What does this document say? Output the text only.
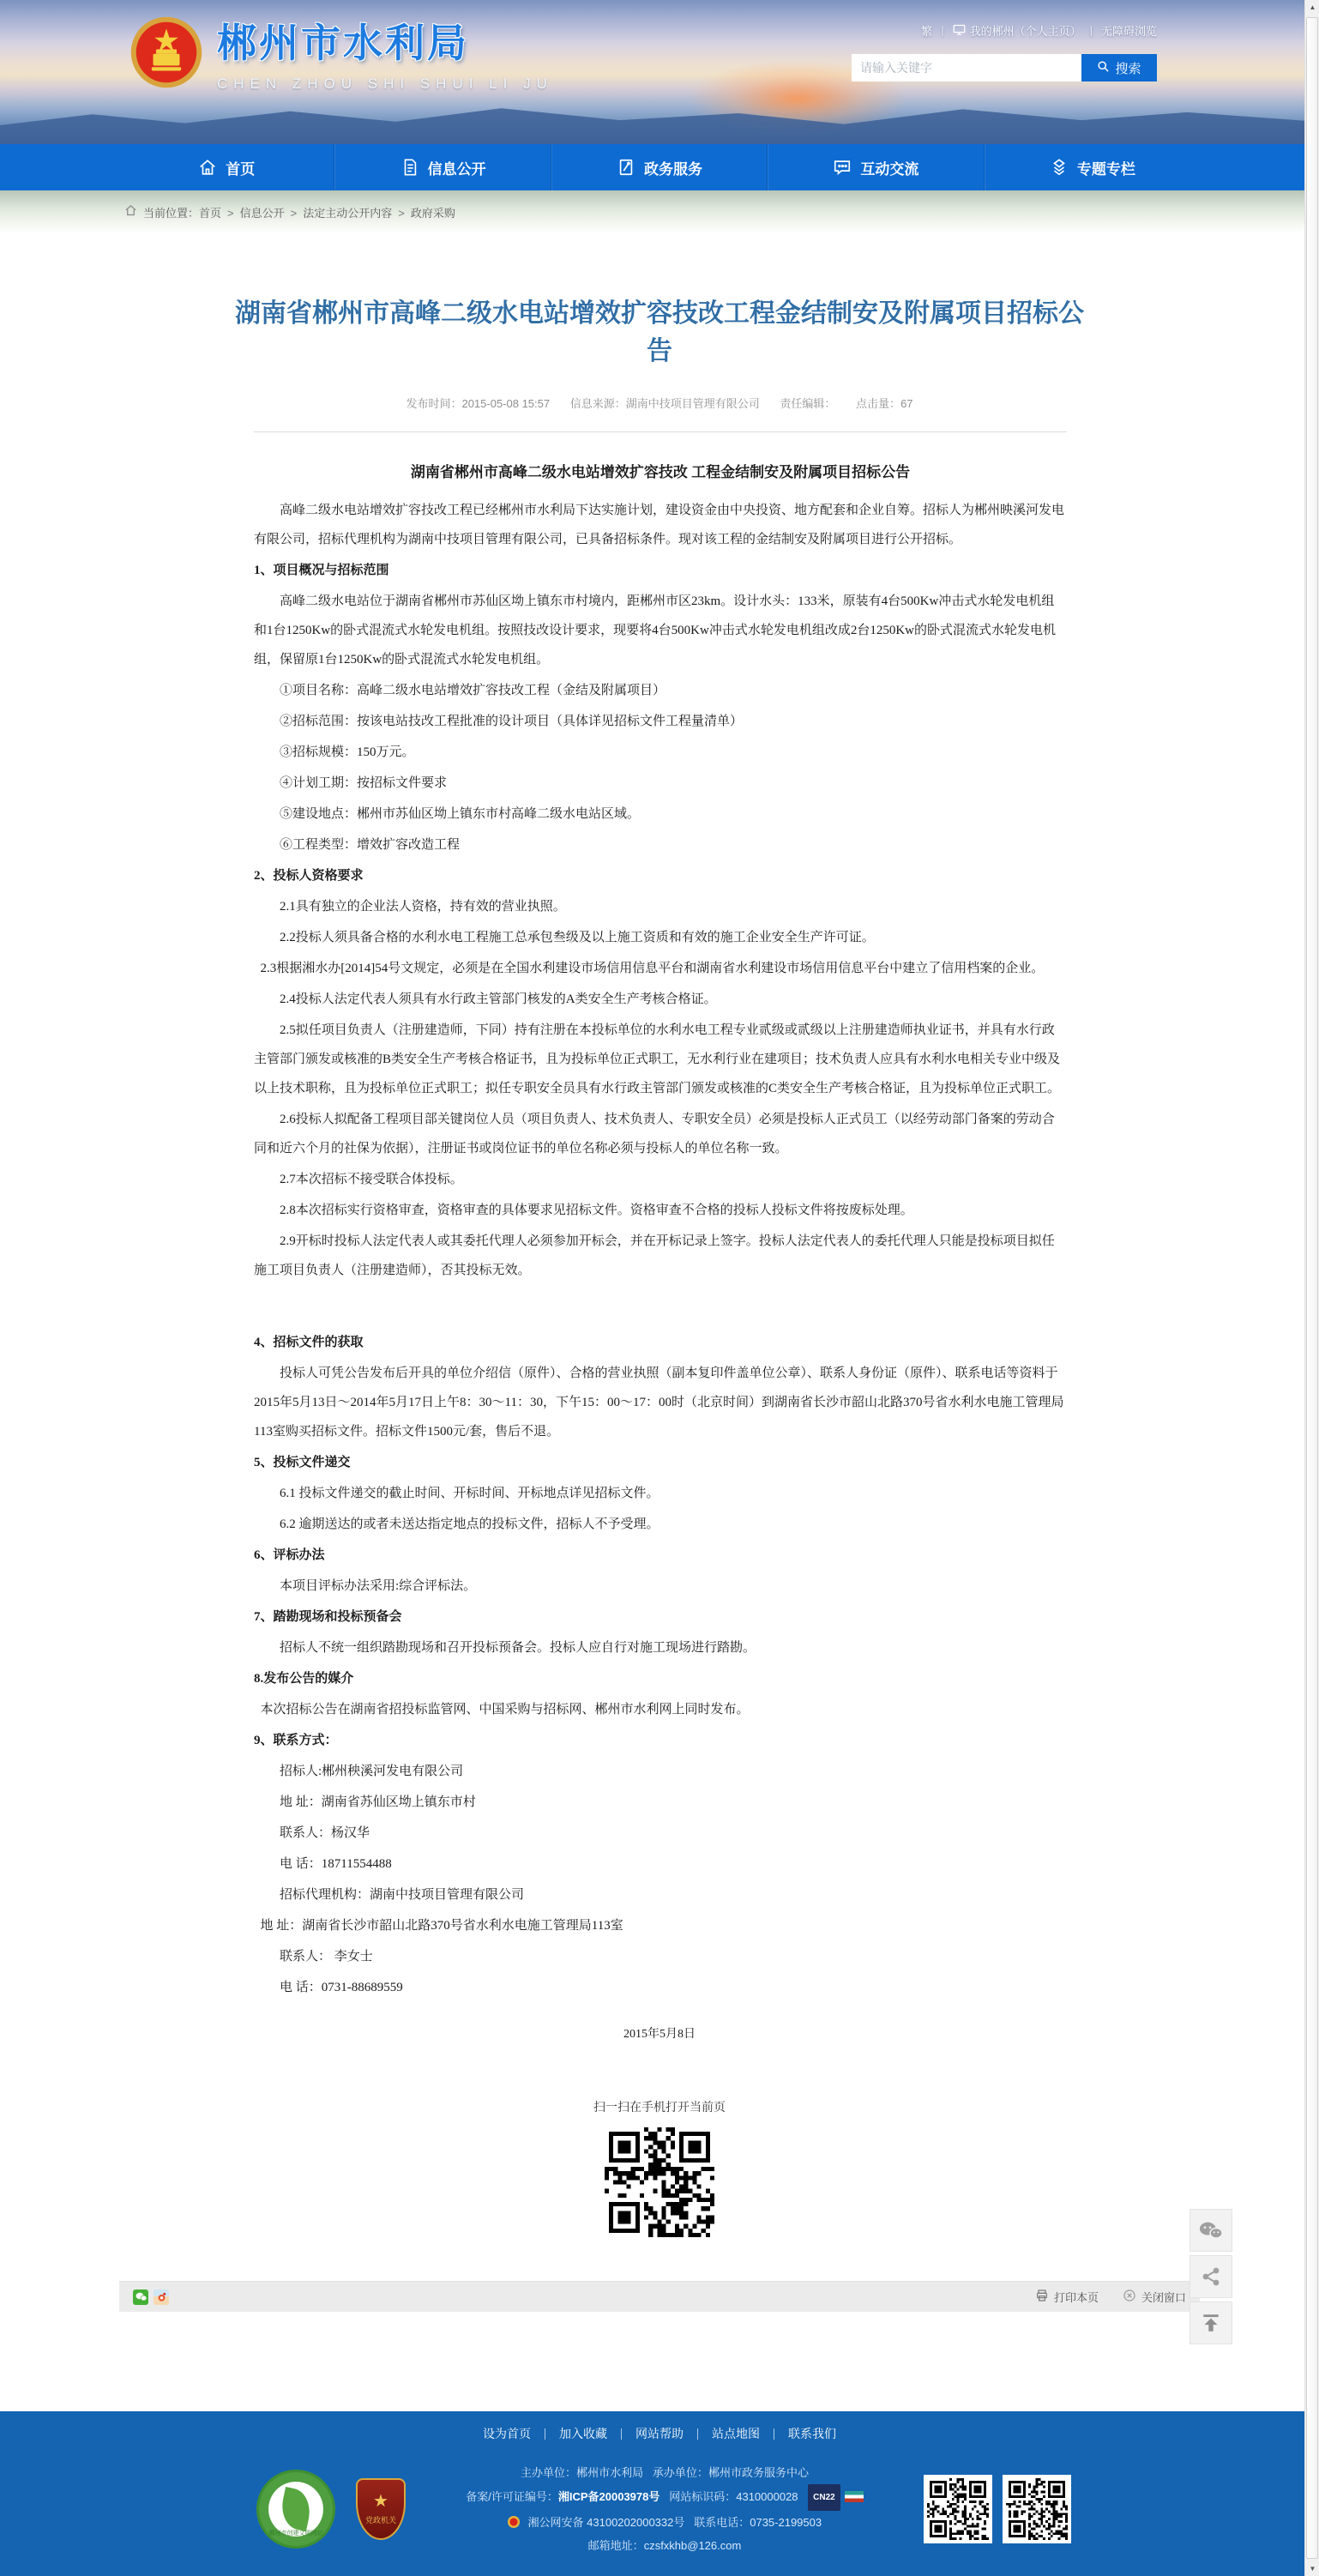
郴州市水利局
CHEN ZHOU SHI SHUI LI JU
繁 | 我的郴州（个人主页） | 无障碍浏览
请输入关键字
搜索
首页	信息公开	政务服务	互动交流	专题专栏
当前位置： 首页 > 信息公开 > 法定主动公开内容 > 政府采购
湖南省郴州市高峰二级水电站增效扩容技改工程金结制安及附属项目招标公告
发布时间：2015-05-08 15:57 信息来源：湖南中技项目管理有限公司 责任编辑： 点击量：67

湖南省郴州市高峰二级水电站增效扩容技改 工程金结制安及附属项目招标公告

高峰二级水电站增效扩容技改工程已经郴州市水利局下达实施计划，建设资金由中央投资、地方配套和企业自筹。招标人为郴州映溪河发电有限公司，招标代理机构为湖南中技项目管理有限公司，已具备招标条件。现对该工程的金结制安及附属项目进行公开招标。

1、项目概况与招标范围

高峰二级水电站位于湖南省郴州市苏仙区坳上镇东市村境内，距郴州市区23km。设计水头：133米，原装有4台500Kw冲击式水轮发电机组和1台1250Kw的卧式混流式水轮发电机组。按照技改设计要求，现要将4台500Kw冲击式水轮发电机组改成2台1250Kw的卧式混流式水轮发电机组，保留原1台1250Kw的卧式混流式水轮发电机组。

①项目名称：高峰二级水电站增效扩容技改工程（金结及附属项目）

②招标范围：按该电站技改工程批准的设计项目（具体详见招标文件工程量清单）

③招标规模：150万元。

④计划工期：按招标文件要求

⑤建设地点：郴州市苏仙区坳上镇东市村高峰二级水电站区域。

⑥工程类型：增效扩容改造工程

2、投标人资格要求

2.1具有独立的企业法人资格，持有效的营业执照。

2.2投标人须具备合格的水利水电工程施工总承包叁级及以上施工资质和有效的施工企业安全生产许可证。

2.3根据湘水办[2014]54号文规定，必须是在全国水利建设市场信用信息平台和湖南省水利建设市场信用信息平台中建立了信用档案的企业。

2.4投标人法定代表人须具有水行政主管部门核发的A类安全生产考核合格证。

2.5拟任项目负责人（注册建造师，下同）持有注册在本投标单位的水利水电工程专业贰级或贰级以上注册建造师执业证书，并具有水行政主管部门颁发或核准的B类安全生产考核合格证书，且为投标单位正式职工，无水利行业在建项目；技术负责人应具有水利水电相关专业中级及以上技术职称，且为投标单位正式职工；拟任专职安全员具有水行政主管部门颁发或核准的C类安全生产考核合格证，且为投标单位正式职工。

2.6投标人拟配备工程项目部关键岗位人员（项目负责人、技术负责人、专职安全员）必须是投标人正式员工（以经劳动部门备案的劳动合同和近六个月的社保为依据），注册证书或岗位证书的单位名称必须与投标人的单位名称一致。

2.7本次招标不接受联合体投标。

2.8本次招标实行资格审查，资格审查的具体要求见招标文件。资格审查不合格的投标人投标文件将按废标处理。

2.9开标时投标人法定代表人或其委托代理人必须参加开标会，并在开标记录上签字。投标人法定代表人的委托代理人只能是投标项目拟任施工项目负责人（注册建造师），否其投标无效。

4、招标文件的获取

投标人可凭公告发布后开具的单位介绍信（原件）、合格的营业执照（副本复印件盖单位公章）、联系人身份证（原件）、联系电话等资料于2015年5月13日～2014年5月17日上午8：30～11：30，下午15：00～17：00时（北京时间）到湖南省长沙市韶山北路370号省水利水电施工管理局113室购买招标文件。招标文件1500元/套，售后不退。

5、投标文件递交

6.1 投标文件递交的截止时间、开标时间、开标地点详见招标文件。

6.2 逾期送达的或者未送达指定地点的投标文件，招标人不予受理。

6、评标办法

本项目评标办法采用:综合评标法。

7、踏勘现场和投标预备会

招标人不统一组织踏勘现场和召开投标预备会。投标人应自行对施工现场进行踏勘。

8.发布公告的媒介

本次招标公告在湖南省招投标监管网、中国采购与招标网、郴州市水利网上同时发布。

9、联系方式：

招标人:郴州秧溪河发电有限公司

地 址：湖南省苏仙区坳上镇东市村

联系人：杨汉华

电 话：18711554488

招标代理机构：湖南中技项目管理有限公司

地 址：湖南省长沙市韶山北路370号省水利水电施工管理局113室

联系人： 李女士

电 话：0731-88689559

2015年5月8日
扫一扫在手机打开当前页
打印本页	关闭窗口
设为首页 加入收藏 网站帮助 站点地图 联系我们
郴州市创建文明网站
★
党政机关
主办单位：郴州市水利局 承办单位：郴州市政务服务中心
备案/许可证编号：湘ICP备20003978号 网站标识码：4310000028 CN22
湘公网安备 43100202000332号 联系电话：0735-2199503
邮箱地址：czsfxkhb@126.com
▲
▼
